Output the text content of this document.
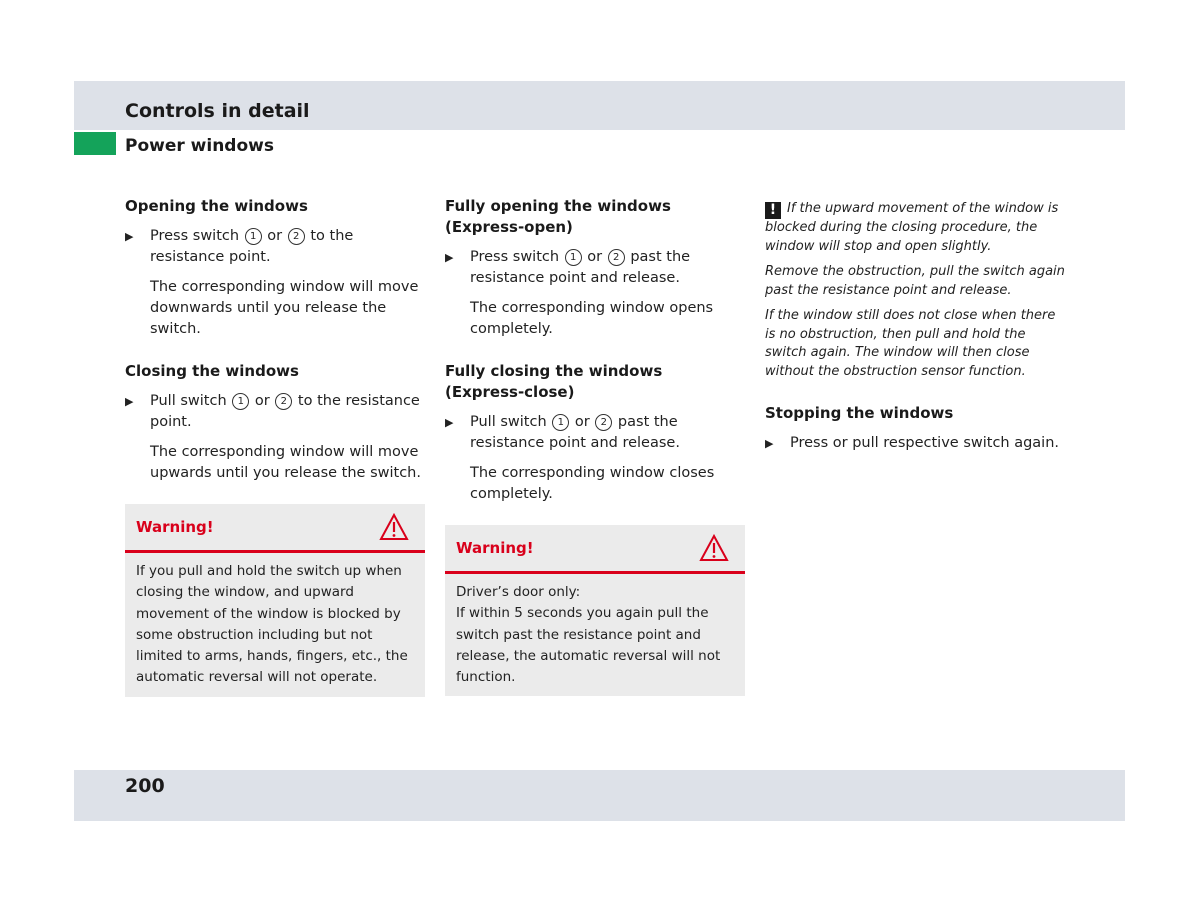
Controls in detail
Power windows
Opening the windows
▶ Press switch 1 or 2 to the resistance point.
The corresponding window will move downwards until you release the switch.
Closing the windows
▶ Pull switch 1 or 2 to the resistance point.
The corresponding window will move upwards until you release the switch.
Warning!
If you pull and hold the switch up when closing the window, and upward movement of the window is blocked by some obstruction including but not limited to arms, hands, fingers, etc., the automatic reversal will not operate.
Fully opening the windows (Express-open)
▶ Press switch 1 or 2 past the resistance point and release.
The corresponding window opens completely.
Fully closing the windows (Express-close)
▶ Pull switch 1 or 2 past the resistance point and release.
The corresponding window closes completely.
Warning!
Driver’s door only:
If within 5 seconds you again pull the switch past the resistance point and release, the automatic reversal will not function.
! If the upward movement of the window is blocked during the closing procedure, the window will stop and open slightly.
Remove the obstruction, pull the switch again past the resistance point and release.
If the window still does not close when there is no obstruction, then pull and hold the switch again. The window will then close without the obstruction sensor function.
Stopping the windows
▶ Press or pull respective switch again.
200
